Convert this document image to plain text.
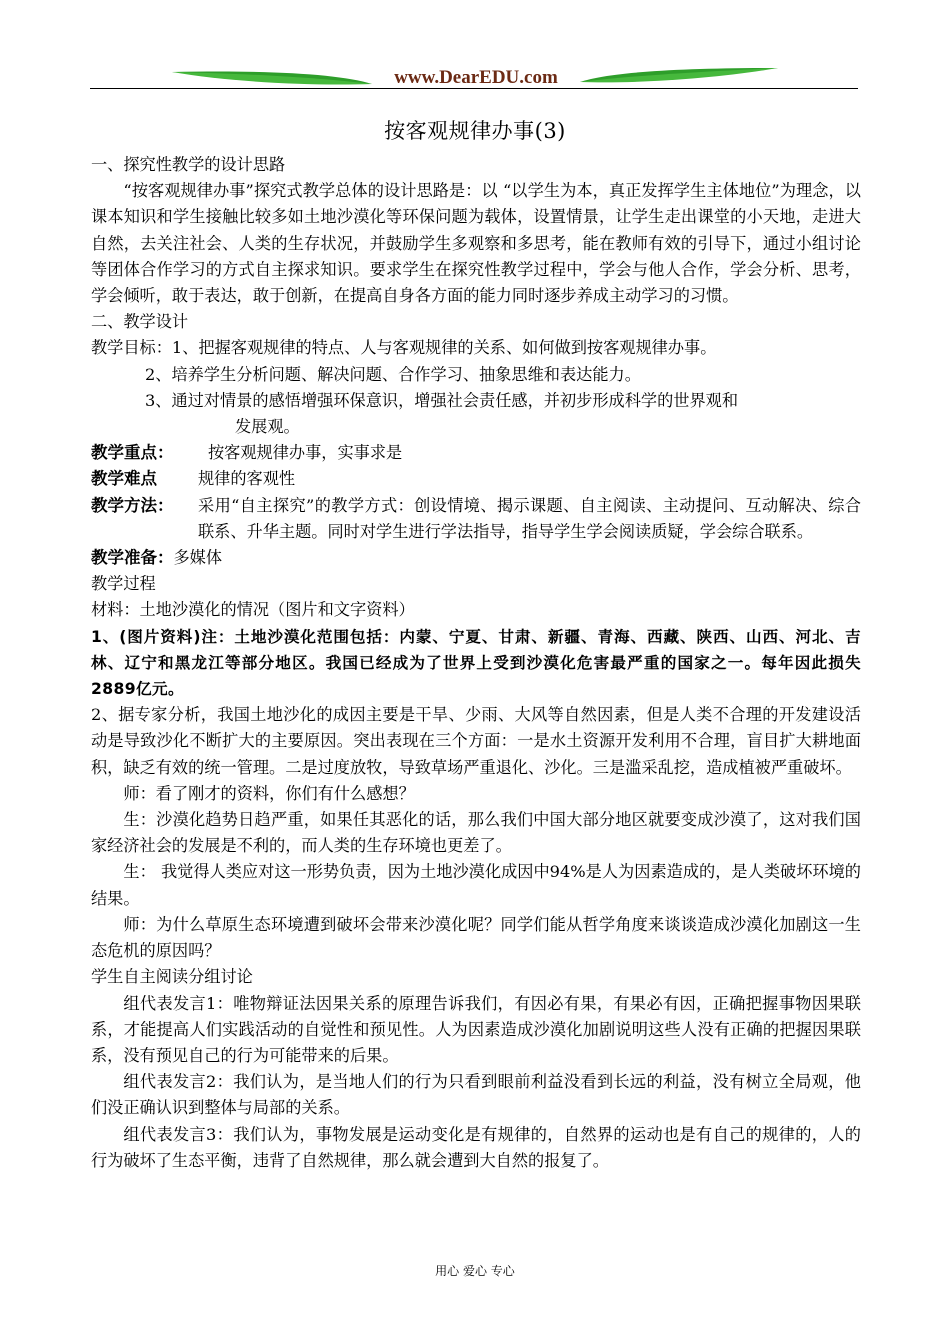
www.DearEDU.com
按客观规律办事(3)

一、探究性教学的设计思路

“按客观规律办事”探究式教学总体的设计思路是：以 “以学生为本，真正发挥学生主体地位”为理念，以课本知识和学生接触比较多如土地沙漠化等环保问题为载体，设置情景，让学生走出课堂的小天地，走进大自然，去关注社会、人类的生存状况，并鼓励学生多观察和多思考，能在教师有效的引导下，通过小组讨论等团体合作学习的方式自主探求知识。要求学生在探究性教学过程中，学会与他人合作，学会分析、思考，学会倾听，敢于表达，敢于创新，在提高自身各方面的能力同时逐步养成主动学习的习惯。

二、教学设计

教学目标：1、把握客观规律的特点、人与客观规律的关系、如何做到按客观规律办事。

2、培养学生分析问题、解决问题、合作学习、抽象思维和表达能力。

3、通过对情景的感悟增强环保意识，增强社会责任感，并初步形成科学的世界观和

发展观。

教学重点：	按客观规律办事，实事求是
教学难点	规律的客观性
教学方法：	采用“自主探究”的教学方式：创设情境、揭示课题、自主阅读、主动提问、互动解决、综合联系、升华主题。同时对学生进行学法指导，指导学生学会阅读质疑，学会综合联系。
教学准备： 多媒体

教学过程

材料：土地沙漠化的情况（图片和文字资料）

1、(图片资料)注：土地沙漠化范围包括：内蒙、宁夏、甘肃、新疆、青海、西藏、陕西、山西、河北、吉林、辽宁和黑龙江等部分地区。我国已经成为了世界上受到沙漠化危害最严重的国家之一。每年因此损失2889亿元。

2、据专家分析，我国土地沙化的成因主要是干旱、少雨、大风等自然因素，但是人类不合理的开发建设活动是导致沙化不断扩大的主要原因。突出表现在三个方面：一是水土资源开发利用不合理，盲目扩大耕地面积，缺乏有效的统一管理。二是过度放牧，导致草场严重退化、沙化。三是滥采乱挖，造成植被严重破坏。

师：看了刚才的资料，你们有什么感想？

生：沙漠化趋势日趋严重，如果任其恶化的话，那么我们中国大部分地区就要变成沙漠了，这对我们国家经济社会的发展是不利的，而人类的生存环境也更差了。

生： 我觉得人类应对这一形势负责，因为土地沙漠化成因中94%是人为因素造成的，是人类破坏环境的结果。

师：为什么草原生态环境遭到破坏会带来沙漠化呢？同学们能从哲学角度来谈谈造成沙漠化加剧这一生态危机的原因吗？

学生自主阅读分组讨论

组代表发言1：唯物辩证法因果关系的原理告诉我们，有因必有果，有果必有因，正确把握事物因果联系，才能提高人们实践活动的自觉性和预见性。人为因素造成沙漠化加剧说明这些人没有正确的把握因果联系，没有预见自己的行为可能带来的后果。

组代表发言2：我们认为，是当地人们的行为只看到眼前利益没看到长远的利益，没有树立全局观，他们没正确认识到整体与局部的关系。

组代表发言3：我们认为，事物发展是运动变化是有规律的，自然界的运动也是有自己的规律的，人的行为破坏了生态平衡，违背了自然规律，那么就会遭到大自然的报复了。

用心 爱心 专心
